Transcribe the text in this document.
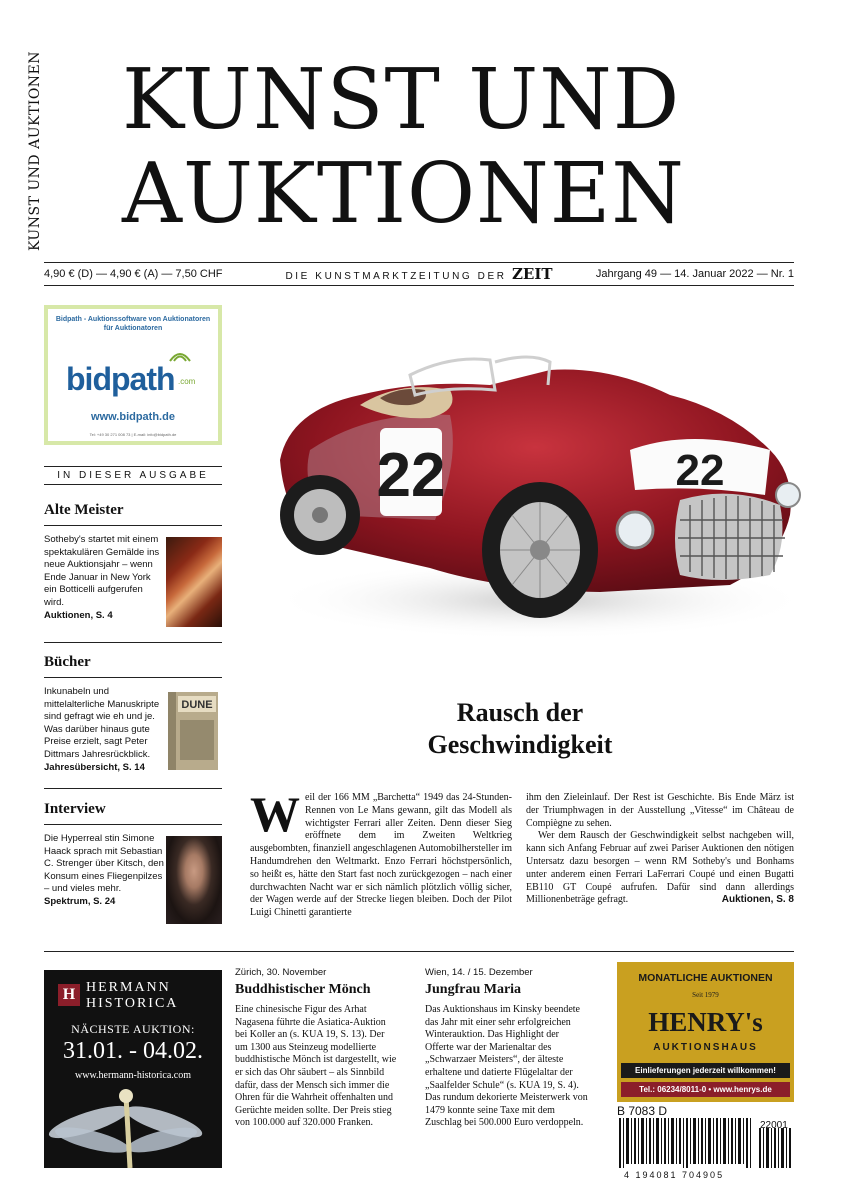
KUNST UND AUKTIONEN KUNST UND
AUKTIONEN
4,90 € (D) — 4,90 € (A) — 7,50 CHF	DIE KUNSTMARKTZEITUNG DER ZEIT	Jahrgang 49 — 14. Januar 2022 — Nr. 1
Bidpath - Auktionssoftware von Auktionatoren für Auktionatoren
bidpath .com
www.bidpath.de
Tel: +49 30 271 008 73 | E-mail: info@bidpath.de
IN DIESER AUSGABE
Alte Meister
Sotheby's startet mit einem spektakulären Gemälde ins neue Auktionsjahr – wenn Ende Januar in New York ein Botticelli aufgerufen wird.
Auktionen, S. 4
Bücher
Inkunabeln und mittelalterliche Manuskripte sind gefragt wie eh und je. Was darüber hinaus gute Preise erzielt, sagt Peter Dittmars Jahresrückblick.
Jahresübersicht, S. 14
DUNE
Interview
Die Hyperreal stin Simone Haack sprach mit Sebastian C. Strenger über Kitsch, den Konsum eines Fliegenpilzes – und vieles mehr.
Spektrum, S. 24
22	22
Rausch der
Geschwindigkeit
Weil der 166 MM „Barchetta“ 1949 das 24-Stunden-Rennen von Le Mans gewann, gilt das Modell als wichtigster Ferrari aller Zeiten. Denn dieser Sieg eröffnete dem im Zweiten Weltkrieg ausgebombten, finanziell angeschlagenen Automobilhersteller im Handumdrehen den Weltmarkt. Enzo Ferrari höchstpersönlich, so heißt es, hätte den Start fast noch zurückgezogen – nach einer durchwachten Nacht war er sich nämlich plötzlich völlig sicher, der Wagen werde auf der Strecke liegen bleiben. Doch der Pilot Luigi Chinetti garantierte
ihm den Zieleinlauf. Der Rest ist Geschichte. Bis Ende März ist der Triumphwagen in der Ausstellung „Vitesse“ im Château de Compiègne zu sehen.
Wer dem Rausch der Geschwindigkeit selbst nachgeben will, kann sich Anfang Februar auf zwei Pariser Auktionen den nötigen Untersatz dazu besorgen – wenn RM Sotheby's und Bonhams unter anderem einen Ferrari LaFerrari Coupé und einen Bugatti EB110 GT Coupé aufrufen. Dafür sind dann allerdings Millionenbeträge gefragt.	Auktionen, S. 8
H HERMANN
HISTORICA
NÄCHSTE AUKTION:
31.01. - 04.02.
www.hermann-historica.com
Zürich, 30. November
Buddhistischer Mönch
Eine chinesische Figur des Arhat Nagasena führte die Asiatica-Auktion bei Koller an (s. KUA 19, S. 13). Der um 1300 aus Steinzeug modellierte buddhistische Mönch ist dargestellt, wie er sich das Ohr säubert – als Sinnbild dafür, dass der Mensch sich immer die Ohren für die Wahrheit offenhalten und Gerüchte meiden sollte. Der Preis stieg von 100.000 auf 320.000 Franken.
Wien, 14. / 15. Dezember
Jungfrau Maria
Das Auktionshaus im Kinsky beendete das Jahr mit einer sehr erfolgreichen Winterauktion. Das Highlight der Offerte war der Marienaltar des „Schwarzaer Meisters“, der älteste erhaltene und datierte Flügelaltar der „Saalfelder Schule“ (s. KUA 19, S. 4). Das rundum dekorierte Meisterwerk von 1479 konnte seine Taxe mit dem Zuschlag bei 500.000 Euro verdoppeln.
MONATLICHE AUKTIONEN
Seit 1979
HENRY's
AUKTIONSHAUS
Einlieferungen jederzeit willkommen!
Tel.: 06234/8011-0 • www.henrys.de
B 7083 D
22001
4 194081 704905
